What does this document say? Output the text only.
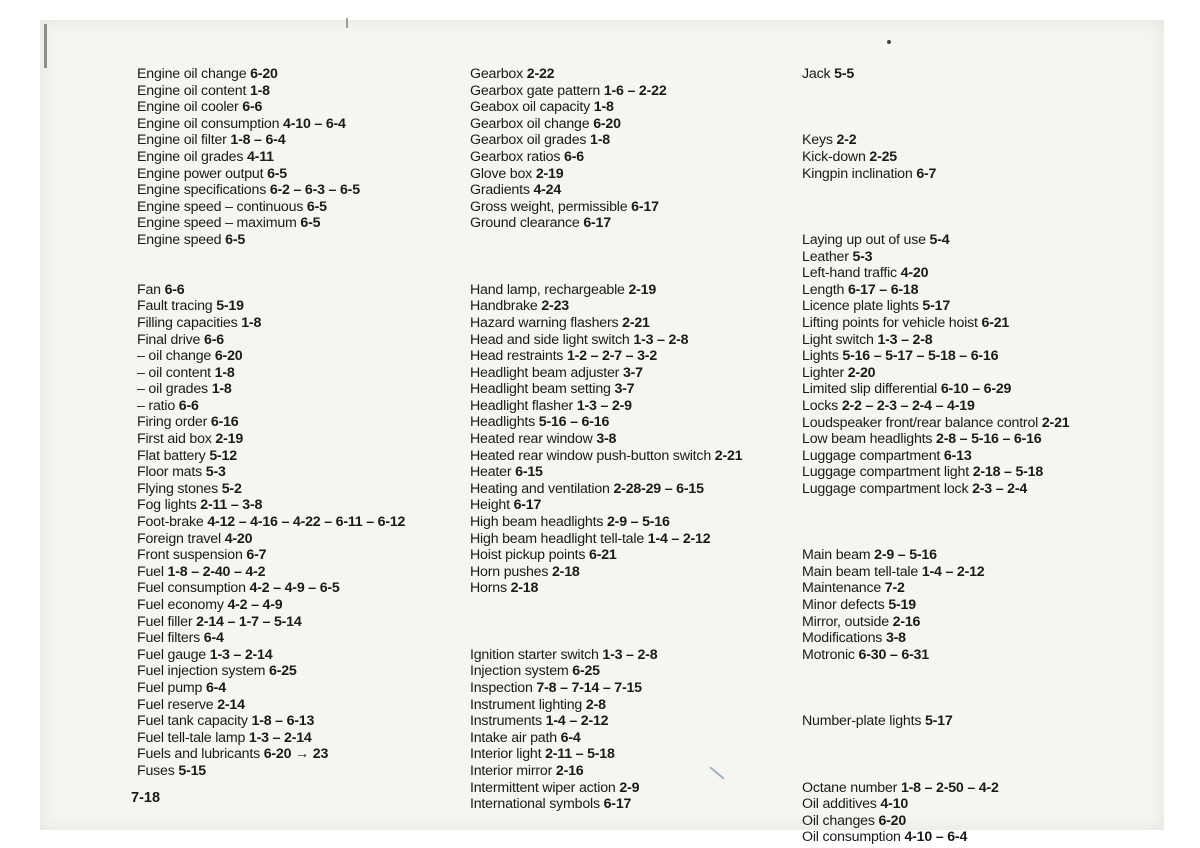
Engine oil change 6-20
Engine oil content 1-8
Engine oil cooler 6-6
Engine oil consumption 4-10 – 6-4
Engine oil filter 1-8 – 6-4
Engine oil grades 4-11
Engine power output 6-5
Engine specifications 6-2 – 6-3 – 6-5
Engine speed – continuous 6-5
Engine speed – maximum 6-5
Engine speed 6-5
Fan 6-6
Fault tracing 5-19
Filling capacities 1-8
Final drive 6-6
– oil change 6-20
– oil content 1-8
– oil grades 1-8
– ratio 6-6
Firing order 6-16
First aid box 2-19
Flat battery 5-12
Floor mats 5-3
Flying stones 5-2
Fog lights 2-11 – 3-8
Foot-brake 4-12 – 4-16 – 4-22 – 6-11 – 6-12
Foreign travel 4-20
Front suspension 6-7
Fuel 1-8 – 2-40 – 4-2
Fuel consumption 4-2 – 4-9 – 6-5
Fuel economy 4-2 – 4-9
Fuel filler 2-14 – 1-7 – 5-14
Fuel filters 6-4
Fuel gauge 1-3 – 2-14
Fuel injection system 6-25
Fuel pump 6-4
Fuel reserve 2-14
Fuel tank capacity 1-8 – 6-13
Fuel tell-tale lamp 1-3 – 2-14
Fuels and lubricants 6-20 → 23
Fuses 5-15
Gearbox 2-22
Gearbox gate pattern 1-6 – 2-22
Geabox oil capacity 1-8
Gearbox oil change 6-20
Gearbox oil grades 1-8
Gearbox ratios 6-6
Glove box 2-19
Gradients 4-24
Gross weight, permissible 6-17
Ground clearance 6-17
Hand lamp, rechargeable 2-19
Handbrake 2-23
Hazard warning flashers 2-21
Head and side light switch 1-3 – 2-8
Head restraints 1-2 – 2-7 – 3-2
Headlight beam adjuster 3-7
Headlight beam setting 3-7
Headlight flasher 1-3 – 2-9
Headlights 5-16 – 6-16
Heated rear window 3-8
Heated rear window push-button switch 2-21
Heater 6-15
Heating and ventilation 2-28-29 – 6-15
Height 6-17
High beam headlights 2-9 – 5-16
High beam headlight tell-tale 1-4 – 2-12
Hoist pickup points 6-21
Horn pushes 2-18
Horns 2-18
Ignition starter switch 1-3 – 2-8
Injection system 6-25
Inspection 7-8 – 7-14 – 7-15
Instrument lighting 2-8
Instruments 1-4 – 2-12
Intake air path 6-4
Interior light 2-11 – 5-18
Interior mirror 2-16
Intermittent wiper action 2-9
International symbols 6-17
Jack 5-5
Keys 2-2
Kick-down 2-25
Kingpin inclination 6-7
Laying up out of use 5-4
Leather 5-3
Left-hand traffic 4-20
Length 6-17 – 6-18
Licence plate lights 5-17
Lifting points for vehicle hoist 6-21
Light switch 1-3 – 2-8
Lights 5-16 – 5-17 – 5-18 – 6-16
Lighter 2-20
Limited slip differential 6-10 – 6-29
Locks 2-2 – 2-3 – 2-4 – 4-19
Loudspeaker front/rear balance control 2-21
Low beam headlights 2-8 – 5-16 – 6-16
Luggage compartment 6-13
Luggage compartment light 2-18 – 5-18
Luggage compartment lock 2-3 – 2-4
Main beam 2-9 – 5-16
Main beam tell-tale 1-4 – 2-12
Maintenance 7-2
Minor defects 5-19
Mirror, outside 2-16
Modifications 3-8
Motronic 6-30 – 6-31
Number-plate lights 5-17
Octane number 1-8 – 2-50 – 4-2
Oil additives 4-10
Oil changes 6-20
Oil consumption 4-10 – 6-4
7-18
